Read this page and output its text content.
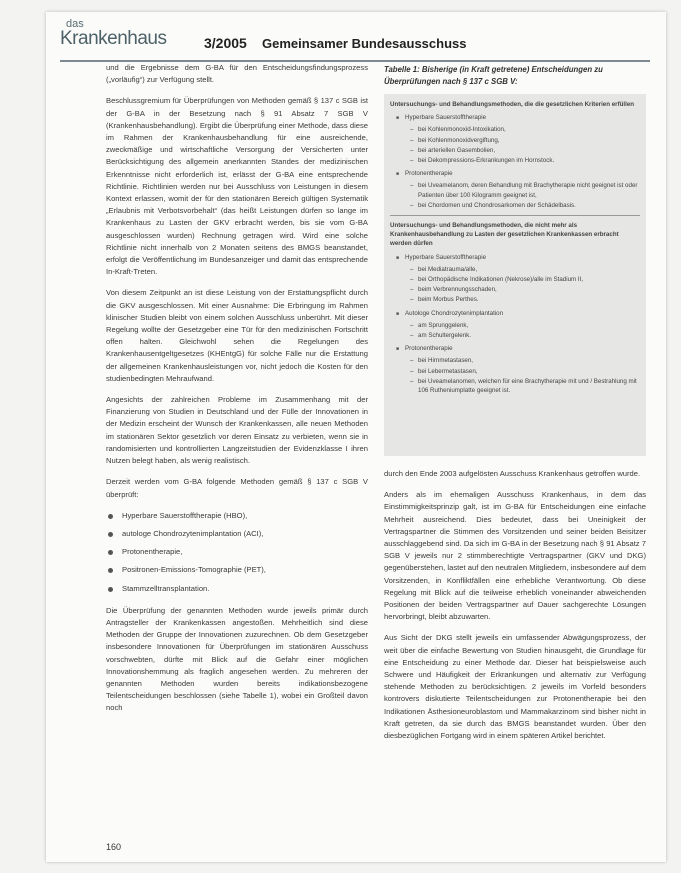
das
Krankenhaus	3/2005 Gemeinsamer Bundesausschuss

und die Ergebnisse dem G-BA für den Entscheidungsfindungsprozess („vorläufig“) zur Verfügung stellt.

Beschlussgremium für Überprüfungen von Methoden gemäß § 137 c SGB ist der G-BA in der Besetzung nach § 91 Absatz 7 SGB V (Krankenhausbehandlung). Ergibt die Überprüfung einer Methode, dass diese im Rahmen der Krankenhausbehandlung für eine ausreichende, zweckmäßige und wirtschaftliche Versorgung der Versicherten unter Berücksichtigung des allgemein anerkannten Standes der medizinischen Erkenntnisse nicht erforderlich ist, erlässt der G-BA eine entsprechende Richtlinie. Richtlinien werden nur bei Ausschluss von Leistungen in diesem Kontext erlassen, womit der für den stationären Bereich gültigen Systematik „Erlaubnis mit Verbotsvorbehalt“ (das heißt Leistungen dürfen so lange im Krankenhaus zu Lasten der GKV erbracht werden, bis sie vom G-BA ausgeschlossen wurden) Rechnung getragen wird. Wird eine solche Richtlinie nicht innerhalb von 2 Monaten seitens des BMGS beanstandet, erfolgt die Veröffentlichung im Bundesanzeiger und damit das entsprechende In-Kraft-Treten.

Von diesem Zeitpunkt an ist diese Leistung von der Erstattungspflicht durch die GKV ausgeschlossen. Mit einer Ausnahme: Die Erbringung im Rahmen klinischer Studien bleibt von einem solchen Ausschluss unberührt. Mit dieser Regelung wollte der Gesetzgeber eine Tür für den medizinischen Fortschritt offen halten. Gleichwohl sehen die Regelungen des Krankenhausentgeltgesetzes (KHEntgG) für solche Fälle nur die Erstattung der allgemeinen Krankenhausleistungen vor, nicht jedoch die Kosten für den studienbedingten Mehraufwand.

Angesichts der zahlreichen Probleme im Zusammenhang mit der Finanzierung von Studien in Deutschland und der Fülle der Innovationen in der Medizin erscheint der Wunsch der Krankenkassen, alle neuen Methoden im stationären Sektor gesetzlich vor deren Einsatz zu verbieten, wenn sie in randomisierten und kontrollierten Langzeitstudien der Evidenzklasse I ihren Nutzen belegt haben, als wenig realistisch.

Derzeit werden vom G-BA folgende Methoden gemäß § 137 c SGB V überprüft:

Hyperbare Sauerstofftherapie (HBO),
autologe Chondrozytenimplantation (ACI),
Protonentherapie,
Positronen-Emissions-Tomographie (PET),
Stammzelltransplantation.

Die Überprüfung der genannten Methoden wurde jeweils primär durch Antragsteller der Krankenkassen angestoßen. Mehrheitlich sind diese Methoden der Gruppe der Innovationen zuzurechnen. Ob dem Gesetzgeber insbesondere Innovationen für Überprüfungen im stationären Ausschuss vorschwebten, dürfte mit Blick auf die Gefahr einer möglichen Innovationshemmung als fraglich angesehen werden. Zu mehreren der genannten Methoden wurden bereits indikationsbezogene Teilentscheidungen beschlossen (siehe Tabelle 1), wobei ein Großteil davon noch

Tabelle 1: Bisherige (in Kraft getretene) Entscheidungen zu Überprüfungen nach § 137 c SGB V:
Untersuchungs- und Behandlungsmethoden, die die gesetzlichen Kriterien erfüllen
■ Hyperbare Sauerstofftherapie
– bei Kohlenmonoxid-Intoxikation,
– bei Kohlenmonoxidvergiftung,
– bei arteriellen Gasembolien,
– bei Dekompressions-Erkrankungen im Hornstock.
■ Protonentherapie
– bei Uveamelanom, deren Behandlung mit Brachytherapie nicht geeignet ist oder Patienten über 100 Kilogramm geeignet ist,
– bei Chordomen und Chondrosarkomen der Schädelbasis.
Untersuchungs- und Behandlungsmethoden, die nicht mehr als Krankenhausbehandlung zu Lasten der gesetzlichen Krankenkassen erbracht werden dürfen
■ Hyperbare Sauerstofftherapie
– bei Mediatrauma/alle,
– bei Orthopädische Indikationen (Nekrose)/alle im Stadium II,
– beim Verbrennungsschaden,
– beim Morbus Perthes.
■ Autologe Chondrozytenimplantation
– am Sprunggelenk,
– am Schultergelenk.
■ Protonentherapie
– bei Hirnmetastasen,
– bei Lebermetastasen,
– bei Uveamelanomen, welchen für eine Brachytherapie mit und / Bestrahlung mit 106 Rutheniumplatte geeignet ist.

durch den Ende 2003 aufgelösten Ausschuss Krankenhaus getroffen wurde.

Anders als im ehemaligen Ausschuss Krankenhaus, in dem das Einstimmigkeitsprinzip galt, ist im G-BA für Entscheidungen eine einfache Mehrheit ausreichend. Dies bedeutet, dass bei Uneinigkeit der Vertragspartner die Stimmen des Vorsitzenden und seiner beiden Beisitzer ausschlaggebend sind. Da sich im G-BA in der Besetzung nach § 91 Absatz 7 SGB V jeweils nur 2 stimmberechtigte Vertragspartner (GKV und DKG) gegenüberstehen, lastet auf den neutralen Mitgliedern, insbesondere auf dem Vorsitzenden, in Konfliktfällen eine erhebliche Verantwortung. Ob diese Regelung mit Blick auf die teilweise erheblich voneinander abweichenden Positionen der beiden Vertragspartner auf Dauer sachgerechte Lösungen hervorbringt, bleibt abzuwarten.

Aus Sicht der DKG stellt jeweils ein umfassender Abwägungsprozess, der weit über die einfache Bewertung von Studien hinausgeht, die Grundlage für eine Entscheidung zu einer Methode dar. Dieser hat beispielsweise auch Schwere und Häufigkeit der Erkrankungen und alternativ zur Verfügung stehende Methoden zu berücksichtigen. 2 jeweils im Vorfeld besonders kontrovers diskutierte Teilentscheidungen zur Protonentherapie bei den Indikationen Ästhesioneuroblastom und Mammakarzinom sind bisher nicht in Kraft getreten, da sie durch das BMGS beanstandet wurden. Über den diesbezüglichen Fortgang wird in einem späteren Artikel berichtet.

160
